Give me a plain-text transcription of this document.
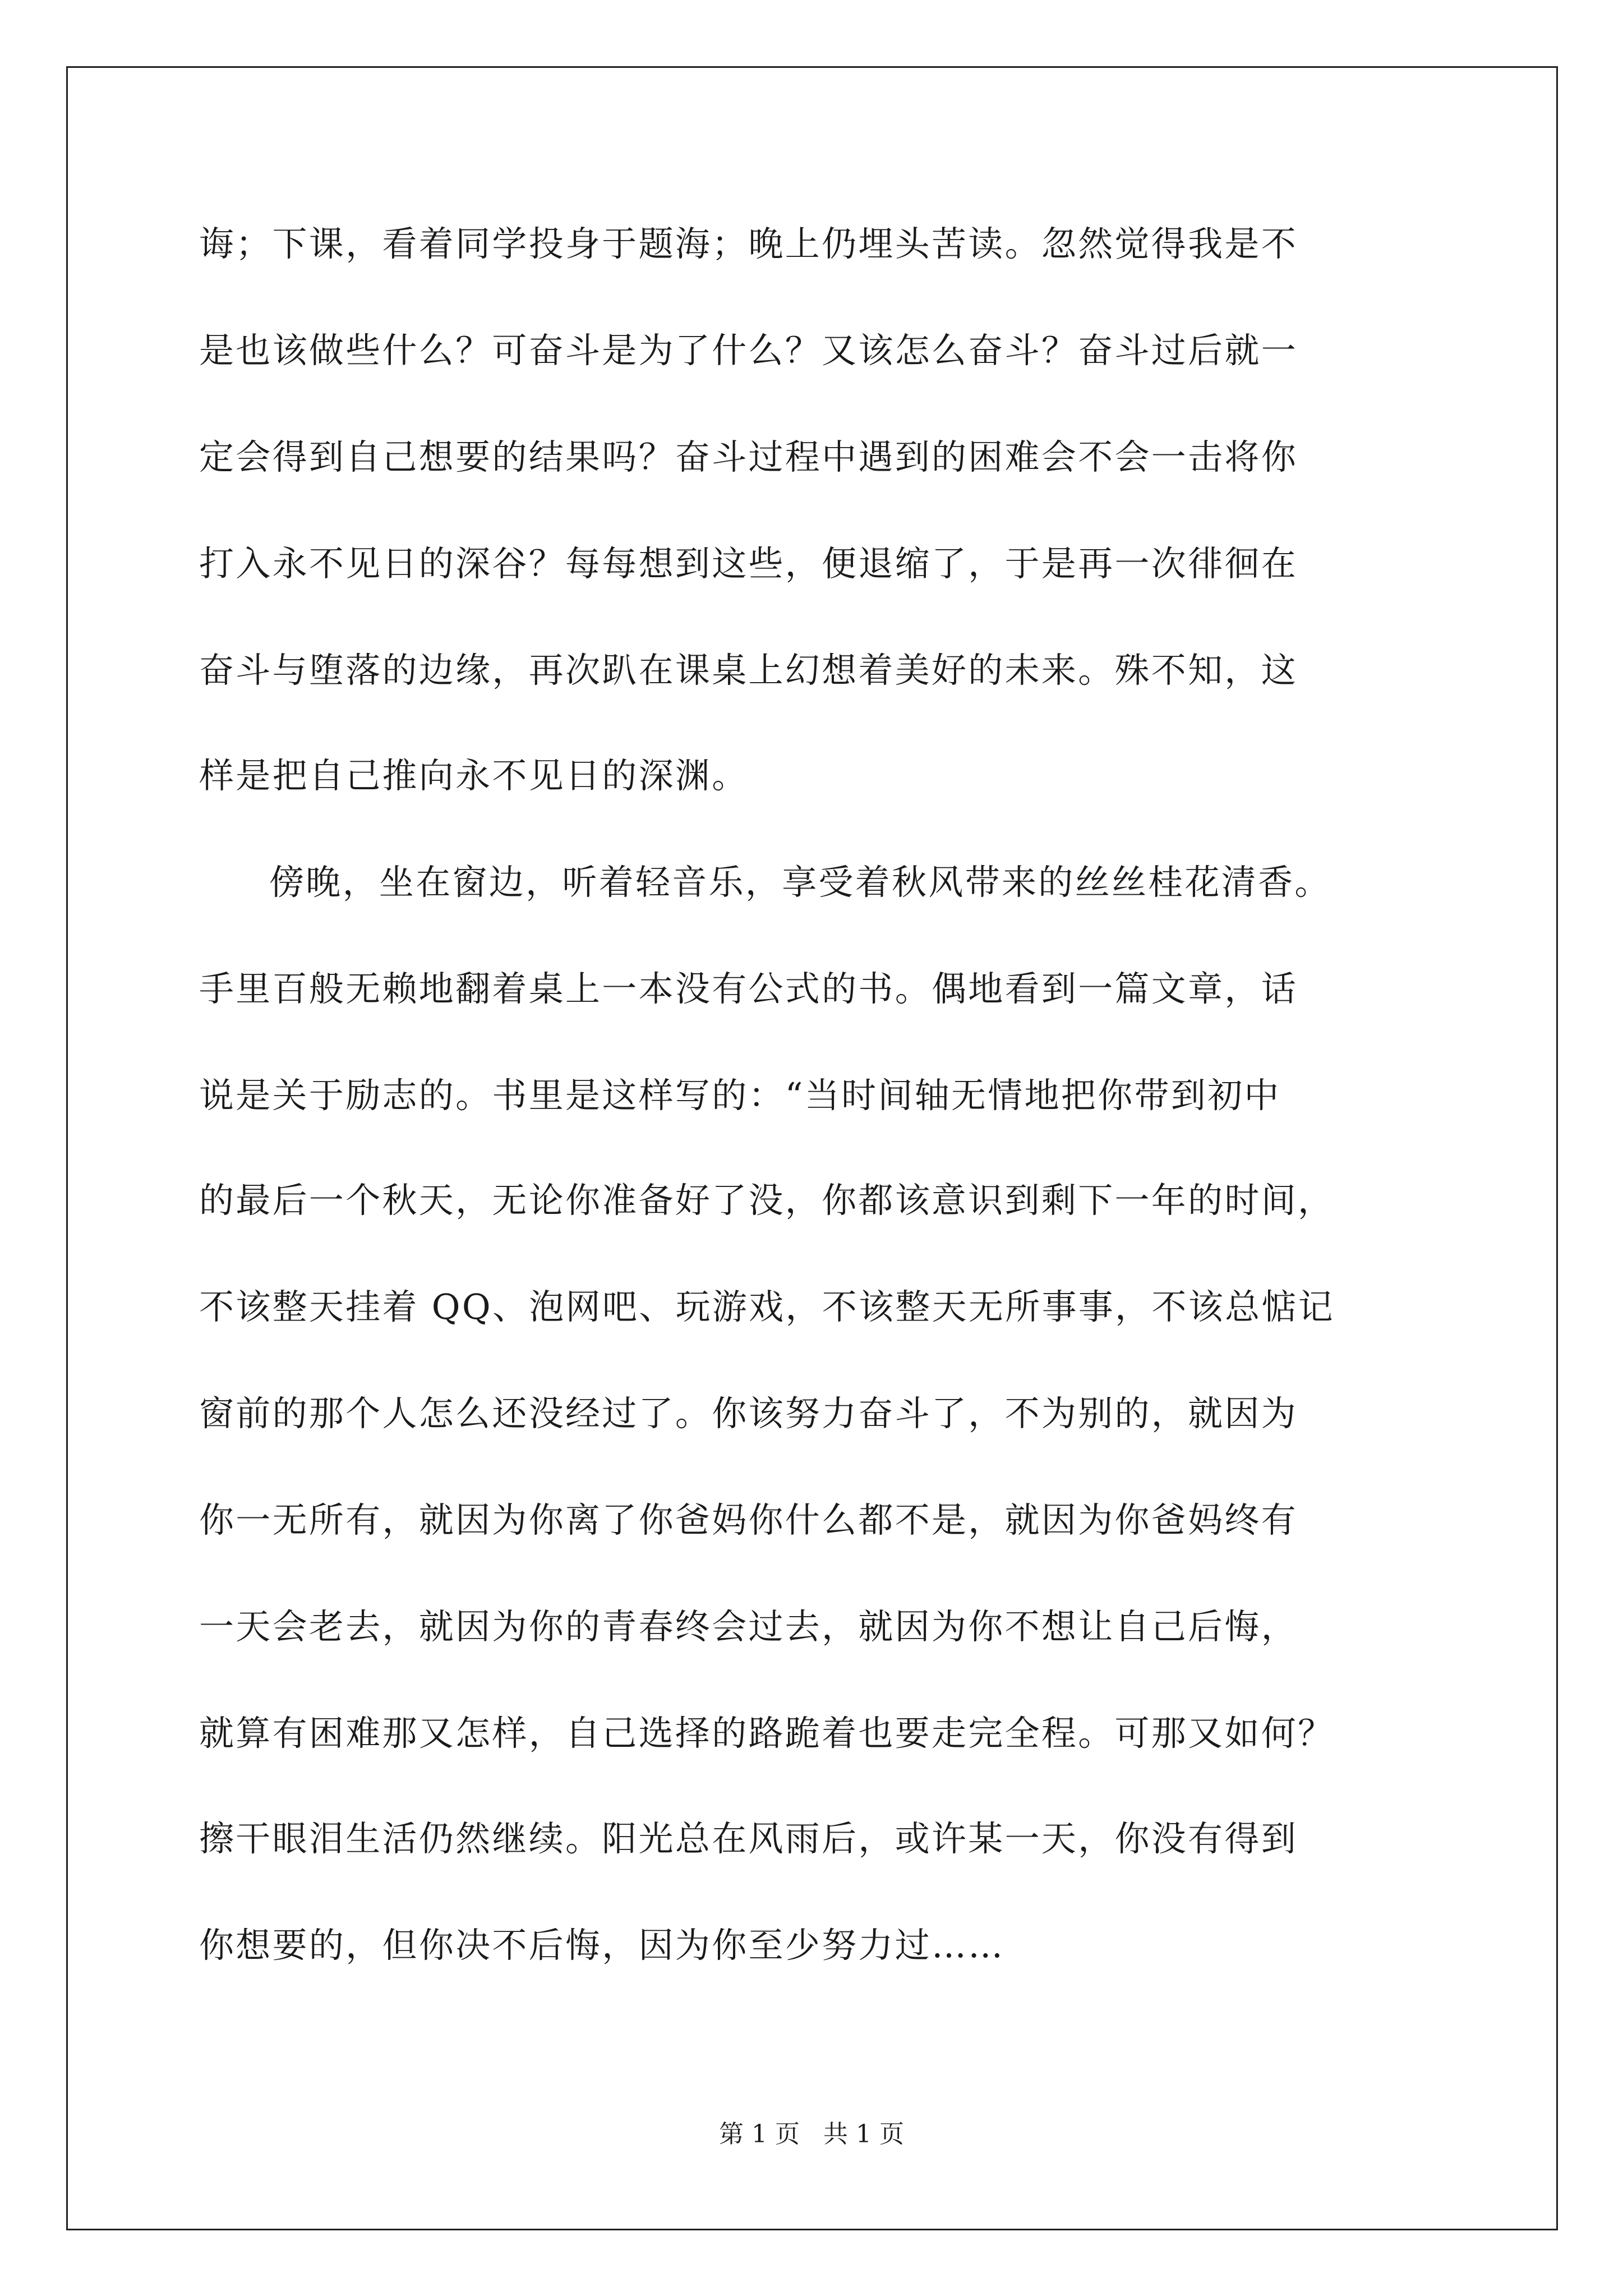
诲；下课，看着同学投身于题海；晚上仍埋头苦读。忽然觉得我是不
是也该做些什么？可奋斗是为了什么？又该怎么奋斗？奋斗过后就一
定会得到自己想要的结果吗？奋斗过程中遇到的困难会不会一击将你
打入永不见日的深谷？每每想到这些，便退缩了，于是再一次徘徊在
奋斗与堕落的边缘，再次趴在课桌上幻想着美好的未来。殊不知，这
样是把自己推向永不见日的深渊。
傍晚，坐在窗边，听着轻音乐，享受着秋风带来的丝丝桂花清香。
手里百般无赖地翻着桌上一本没有公式的书。偶地看到一篇文章，话
说是关于励志的。书里是这样写的：“当时间轴无情地把你带到初中
的最后一个秋天，无论你准备好了没，你都该意识到剩下一年的时间，
不该整天挂着 QQ、泡网吧、玩游戏，不该整天无所事事，不该总惦记
窗前的那个人怎么还没经过了。你该努力奋斗了，不为别的，就因为
你一无所有，就因为你离了你爸妈你什么都不是，就因为你爸妈终有
一天会老去，就因为你的青春终会过去，就因为你不想让自己后悔，
就算有困难那又怎样，自己选择的路跪着也要走完全程。可那又如何？
擦干眼泪生活仍然继续。阳光总在风雨后，或许某一天，你没有得到
你想要的，但你决不后悔，因为你至少努力过……
第 1 页   共 1 页
